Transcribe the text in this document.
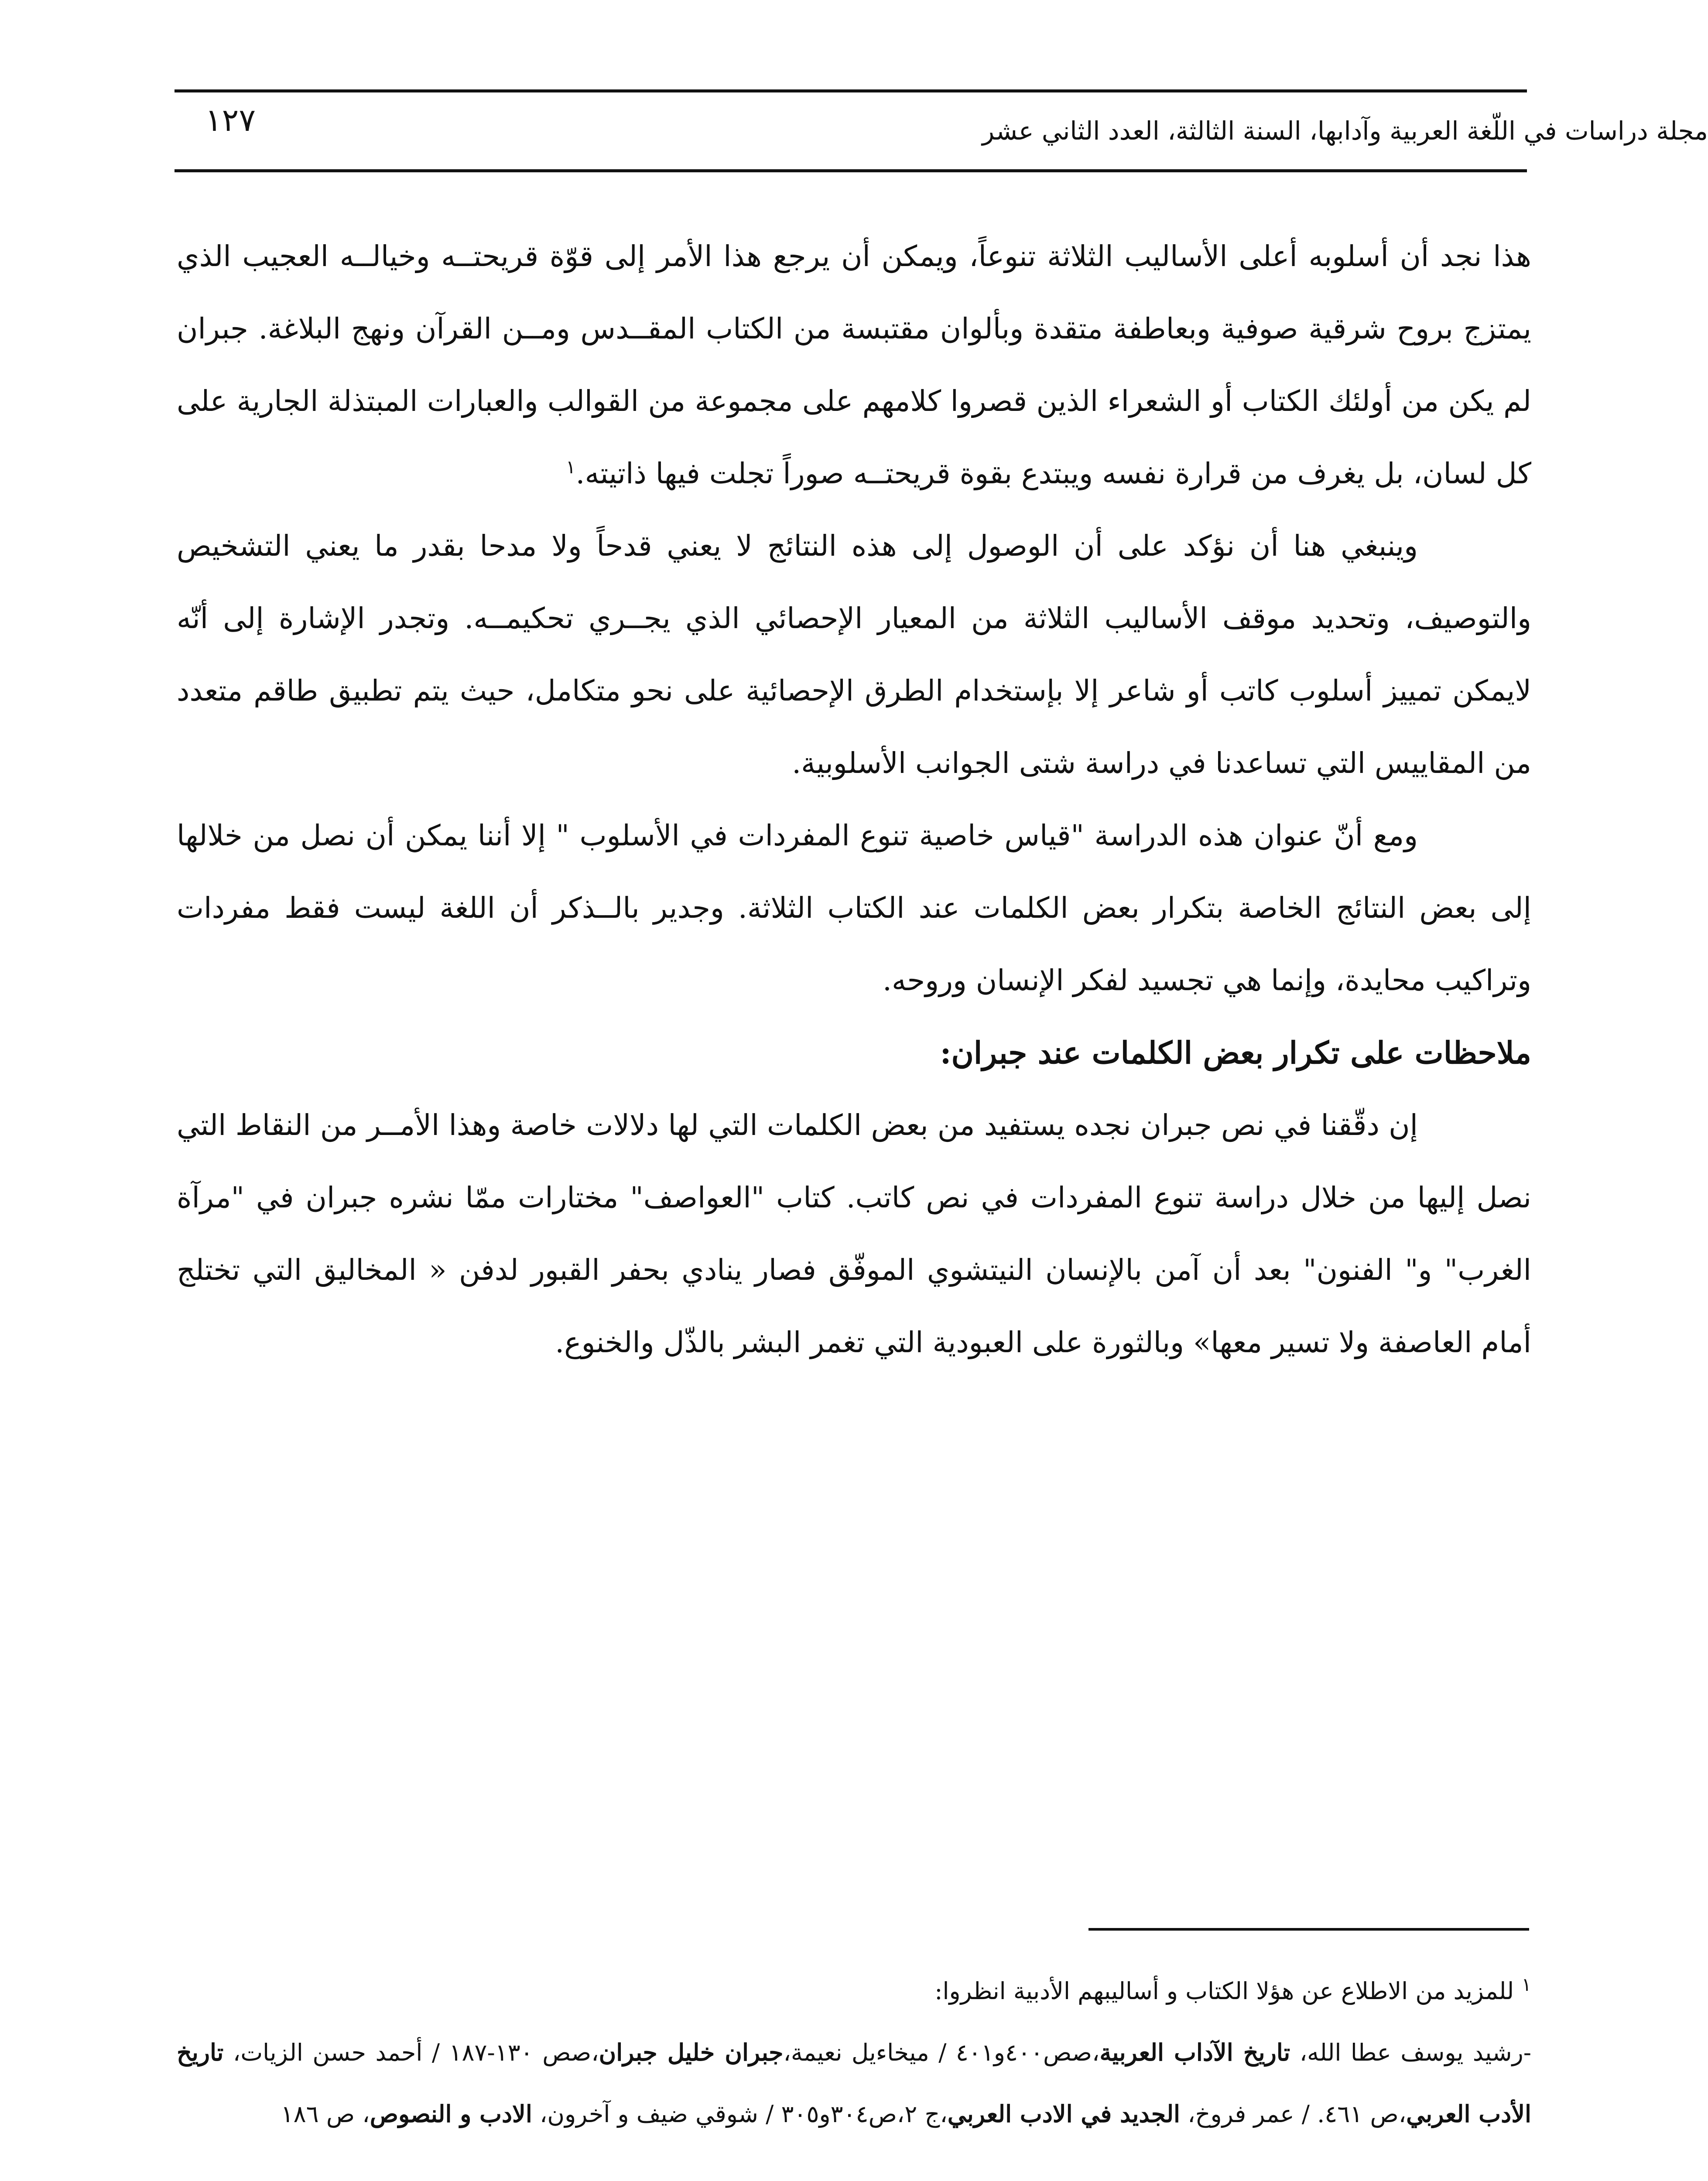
مجلة دراسات في اللّغة العربية وآدابها، السنة الثالثة، العدد الثاني عشر
١٢٧

هذا نجد أن أسلوبه أعلى الأساليب الثلاثة تنوعاً، ويمكن أن يرجع هذا الأمر إلى قوّة قريحتــه وخيالــه العجيب الذي يمتزج بروح شرقية صوفية وبعاطفة متقدة وبألوان مقتبسة من الكتاب المقــدس ومــن القرآن ونهج البلاغة. جبران لم يكن من أولئك الكتاب أو الشعراء الذين قصروا كلامهم على مجموعة من القوالب والعبارات المبتذلة الجارية على كل لسان، بل يغرف من قرارة نفسه ويبتدع بقوة قريحتــه صوراً تجلت فيها ذاتيته.$^١$

وينبغي هنا أن نؤكد على أن الوصول إلى هذه النتائج لا يعني قدحاً ولا مدحا بقدر ما يعني التشخيص والتوصيف، وتحديد موقف الأساليب الثلاثة من المعيار الإحصائي الذي يجــري تحكيمــه. وتجدر الإشارة إلى أنّه لايمكن تمييز أسلوب كاتب أو شاعر إلا بإستخدام الطرق الإحصائية على نحو متكامل، حيث يتم تطبيق طاقم متعدد من المقاييس التي تساعدنا في دراسة شتى الجوانب الأسلوبية.

ومع أنّ عنوان هذه الدراسة "قياس خاصية تنوع المفردات في الأسلوب " إلا أننا يمكن أن نصل من خلالها إلى بعض النتائج الخاصة بتكرار بعض الكلمات عند الكتاب الثلاثة. وجدير بالــذكر أن اللغة ليست فقط مفردات وتراكيب محايدة، وإنما هي تجسيد لفكر الإنسان وروحه.

ملاحظات على تكرار بعض الكلمات عند جبران:

إن دقّقنا في نص جبران نجده يستفيد من بعض الكلمات التي لها دلالات خاصة وهذا الأمــر من النقاط التي نصل إليها من خلال دراسة تنوع المفردات في نص كاتب. كتاب "العواصف" مختارات ممّا نشره جبران في "مرآة الغرب" و" الفنون" بعد أن آمن بالإنسان النيتشوي الموفّق فصار ينادي بحفر القبور لدفن « المخاليق التي تختلج أمام العاصفة ولا تسير معها» وبالثورة على العبودية التي تغمر البشر بالذّل والخنوع.

$^١$ للمزيد من الاطلاع عن هؤلا الكتاب و أساليبهم الأدبية انظروا:

-رشيد يوسف عطا الله، تاريخ الآداب العربية،صص٤٠٠و٤٠١ / ميخاءيل نعيمة،جبران خليل جبران،صص ١٣٠-١٨٧ / أحمد حسن الزيات، تاريخ الأدب العربي،ص ٤٦١. / عمر فروخ، الجديد في الادب العربي،ج ٢،ص٣٠٤و٣٠٥ / شوقي ضيف و آخرون، الادب و النصوص، ص ١٨٦
